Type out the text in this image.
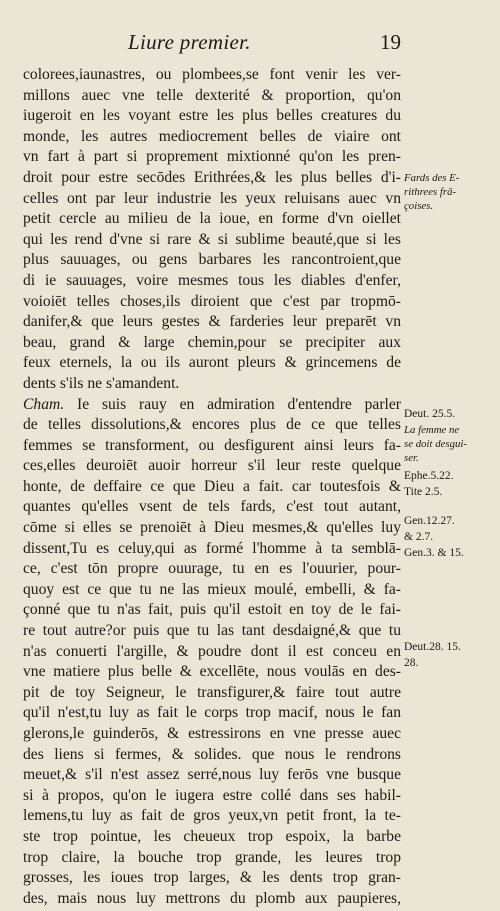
Liure premier.	19
colorees,iaunastres, ou plombees,se font venir les ver-
millons auec vne telle dexterité & proportion, qu'on
iugeroit en les voyant estre les plus belles creatures du
monde, les autres mediocrement belles de viaire ont
vn fart à part si proprement mixtionné qu'on les pren-
droit pour estre secōdes Erithrées,& les plus belles d'i-
celles ont par leur industrie les yeux reluisans auec vn
petit cercle au milieu de la ioue, en forme d'vn oiellet
qui les rend d'vne si rare & si sublime beauté,que si les
plus sauuages, ou gens barbares les rancontroient,que
di ie sauuages, voire mesmes tous les diables d'enfer,
voioiēt telles choses,ils diroient que c'est par tropmō-
danifer,& que leurs gestes & farderies leur preparēt vn
beau, grand & large chemin,pour se precipiter aux
feux eternels, la ou ils auront pleurs & grincemens de
dents s'ils ne s'amandent.
Cham. Ie suis rauy en admiration d'entendre parler
de telles dissolutions,& encores plus de ce que telles
femmes se transforment, ou desfigurent ainsi leurs fa-
ces,elles deuroiēt auoir horreur s'il leur reste quelque
honte, de deffaire ce que Dieu a fait. car toutesfois &
quantes qu'elles vsent de tels fards, c'est tout autant,
cōme si elles se prenoiēt à Dieu mesmes,& qu'elles luy
dissent,Tu es celuy,qui as formé l'homme à ta semblā-
ce, c'est tōn propre ouurage, tu en es l'ouurier, pour-
quoy est ce que tu ne las mieux moulé, embelli, & fa-
çonné que tu n'as fait, puis qu'il estoit en toy de le fai-
re tout autre?or puis que tu las tant desdaigné,& que tu
n'as conuerti l'argille, & poudre dont il est conceu en
vne matiere plus belle & excellēte, nous voulās en des-
pit de toy Seigneur, le transfigurer,& faire tout autre
qu'il n'est,tu luy as fait le corps trop macif, nous le fan
glerons,le guinderōs, & estressirons en vne presse auec
des liens si fermes, & solides. que nous le rendrons
meuet,& s'il n'est assez serré,nous luy ferōs vne busque
si à propos, qu'on le iugera estre collé dans ses habil-
lemens,tu luy as fait de gros yeux,vn petit front, la te-
ste trop pointue, les cheueux trop espoix, la barbe
trop claire, la bouche trop grande, les leures trop
grosses, les ioues trop larges, & les dents trop gran-
des, mais nous luy mettrons du plomb aux paupieres,
Fards des E-
rithrees frā-
çoises.
Deut. 25.5.
La femme ne
se doit desgui-
ser.
Ephe.5.22.
Tite 2.5.
Gen.12.27.
& 2.7.
Gen.3. & 15.
Deut.28. 15.
28.
